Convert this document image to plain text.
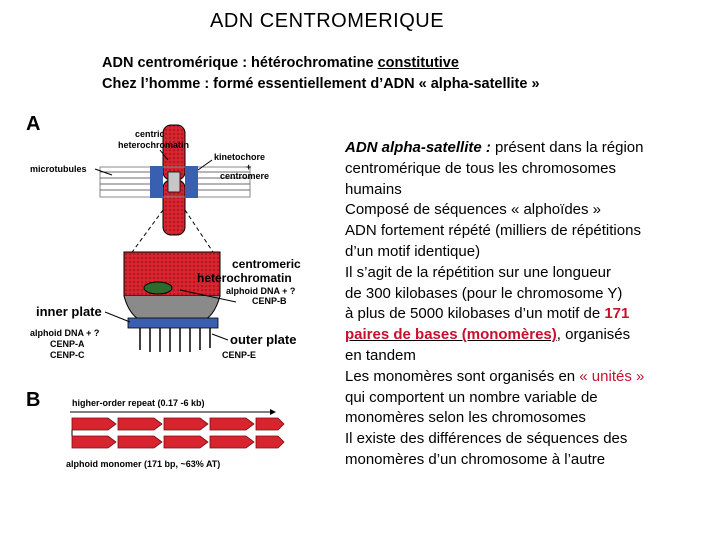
ADN CENTROMERIQUE
ADN centromérique : hétérochromatine constitutive
Chez l’homme : formé essentiellement d’ADN « alpha-satellite »
A	centric
heterochromatin
microtubules
kinetochore
+
centromere
centromeric
heterochromatin
alphoid DNA + ?
CENP-B
inner plate
alphoid DNA + ?
CENP-A
CENP-C
outer plate
CENP-E
B	higher-order repeat (0.17 -6 kb)
alphoid monomer (171 bp, ~63% AT)
ADN alpha-satellite : présent dans la région
centromérique de tous les chromosomes
humains
Composé de séquences « alphoïdes »
ADN fortement répété (milliers de répétitions
d’un motif identique)
Il s’agit de la répétition sur une longueur
de 300 kilobases (pour le chromosome Y)
à plus de 5000 kilobases d’un motif de 171
paires de bases (monomères), organisés
en tandem
Les monomères sont organisés en « unités »
qui comportent un nombre variable de
monomères selon les chromosomes
Il existe des différences de séquences des
monomères d’un chromosome à l’autre
